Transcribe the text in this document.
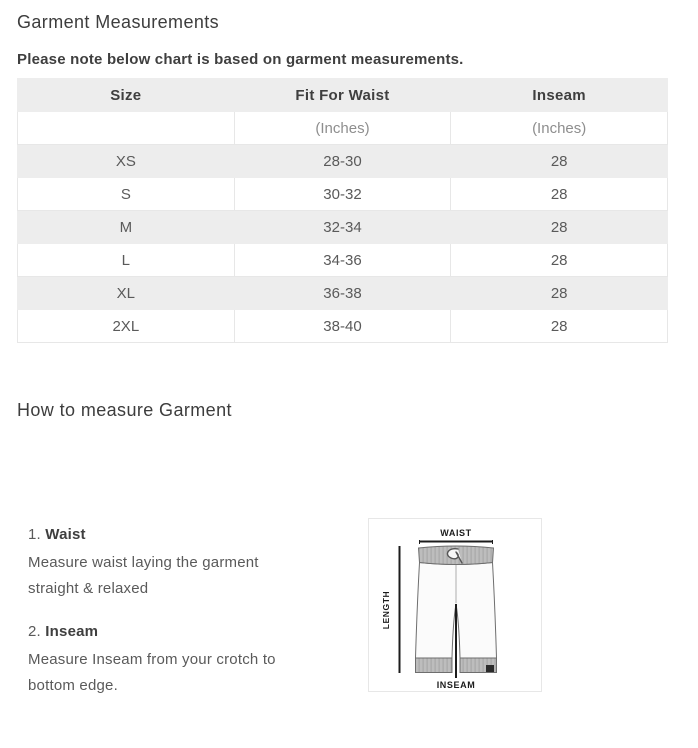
Garment Measurements

Please note below chart is based on garment measurements.

Size	Fit For Waist	Inseam
	(Inches)	(Inches)
XS	28-30	28
S	30-32	28
M	32-34	28
L	34-36	28
XL	36-38	28
2XL	38-40	28
How to measure Garment

1. Waist

Measure waist laying the garment straight & relaxed

2. Inseam

Measure Inseam from your crotch to bottom edge.

WAIST
LENGTH
INSEAM
